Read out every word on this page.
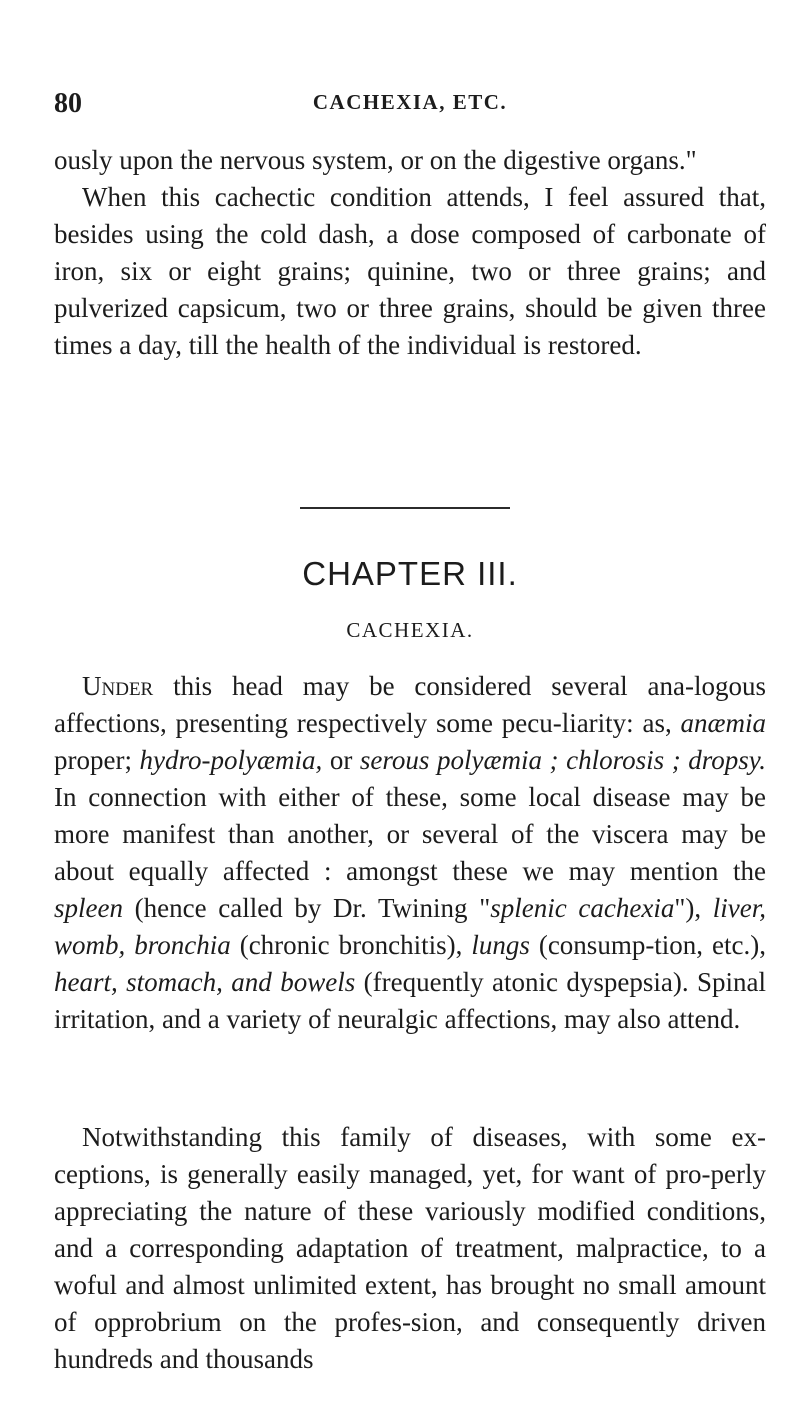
80	CACHEXIA, ETC.

ously upon the nervous system, or on the digestive organs."
When this cachectic condition attends, I feel assured that, besides using the cold dash, a dose composed of carbonate of iron, six or eight grains; quinine, two or three grains; and pulverized capsicum, two or three grains, should be given three times a day, till the health of the individual is restored.

CHAPTER III.
CACHEXIA.

Under this head may be considered several ana-logous affections, presenting respectively some pecu-liarity: as, anæmia proper; hydro-polyæmia, or serous polyæmia ; chlorosis ; dropsy. In connection with either of these, some local disease may be more manifest than another, or several of the viscera may be about equally affected : amongst these we may mention the spleen (hence called by Dr. Twining "splenic cachexia"), liver, womb, bronchia (chronic bronchitis), lungs (consump-tion, etc.), heart, stomach, and bowels (frequently atonic dyspepsia). Spinal irritation, and a variety of neuralgic affections, may also attend.

Notwithstanding this family of diseases, with some ex-ceptions, is generally easily managed, yet, for want of pro-perly appreciating the nature of these variously modified conditions, and a corresponding adaptation of treatment, malpractice, to a woful and almost unlimited extent, has brought no small amount of opprobrium on the profes-sion, and consequently driven hundreds and thousands
